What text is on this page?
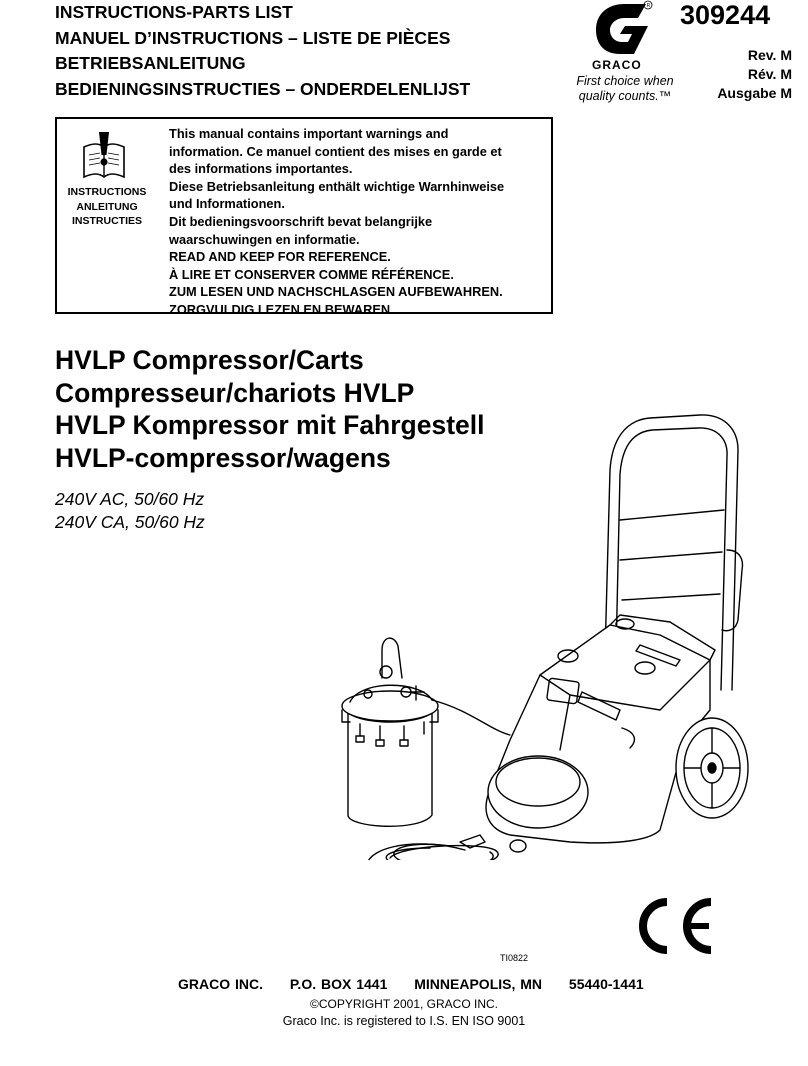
INSTRUCTIONS-PARTS LIST
MANUEL D’INSTRUCTIONS – LISTE DE PIÈCES
BETRIEBSANLEITUNG
BEDIENINGSINSTRUCTIES – ONDERDELENLIJST
R
GRACO
First choice when
quality counts.™
309244
Rev. M
Rév. M
Ausgabe M
INSTRUCTIONS
ANLEITUNG
INSTRUCTIES
This manual contains important warnings and
information. Ce manuel contient des mises en garde et
des informations importantes.
Diese Betriebsanleitung enthält wichtige Warnhinweise
und Informationen.
Dit bedieningsvoorschrift bevat belangrijke
waarschuwingen en informatie.
READ AND KEEP FOR REFERENCE.
À LIRE ET CONSERVER COMME RÉFÉRENCE.
ZUM LESEN UND NACHSCHLASGEN AUFBEWAHREN.
ZORGVULDIG LEZEN EN BEWAREN.
HVLP Compressor/Carts
Compresseur/chariots HVLP
HVLP Kompressor mit Fahrgestell
HVLP-compressor/wagens
240V AC, 50/60 Hz
240V CA, 50/60 Hz
TI0822
GRACO INC. P.O. BOX 1441 MINNEAPOLIS, MN 55440-1441
©COPYRIGHT 2001, GRACO INC.
Graco Inc. is registered to I.S. EN ISO 9001
